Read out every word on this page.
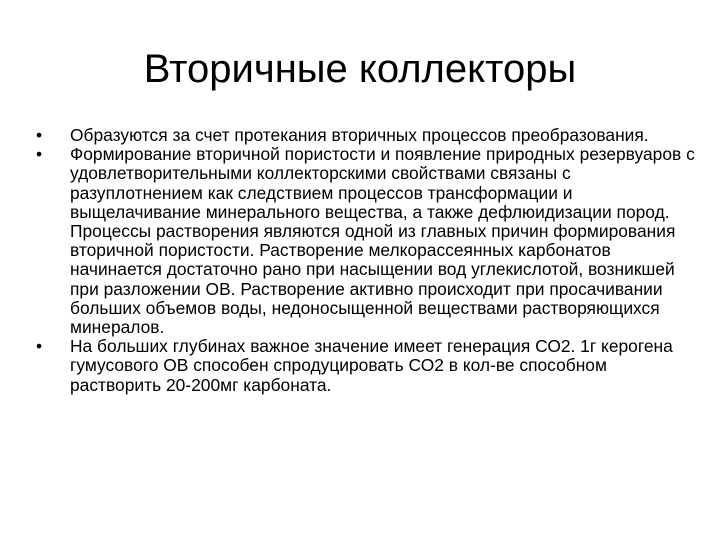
Вторичные коллекторы
•	Образуются за счет протекания вторичных процессов преобразования.
•	Формирование вторичной пористости и появление природных резервуаров с удовлетворительными коллекторскими свойствами связаны с разуплотнением как следствием процессов трансформации и выщелачивание минерального вещества, а также дефлюидизации пород. Процессы растворения являются одной из главных причин формирования вторичной пористости. Растворение мелкорассеянных карбонатов начинается достаточно рано при насыщении вод углекислотой, возникшей при разложении ОВ. Растворение активно происходит при просачивании больших объемов воды, недоносыщенной веществами растворяющихся минералов.
•	На больших глубинах важное значение имеет генерация СО2. 1г керогена гумусового ОВ способен спродуцировать СО2 в кол-ве способном растворить 20-200мг карбоната.
